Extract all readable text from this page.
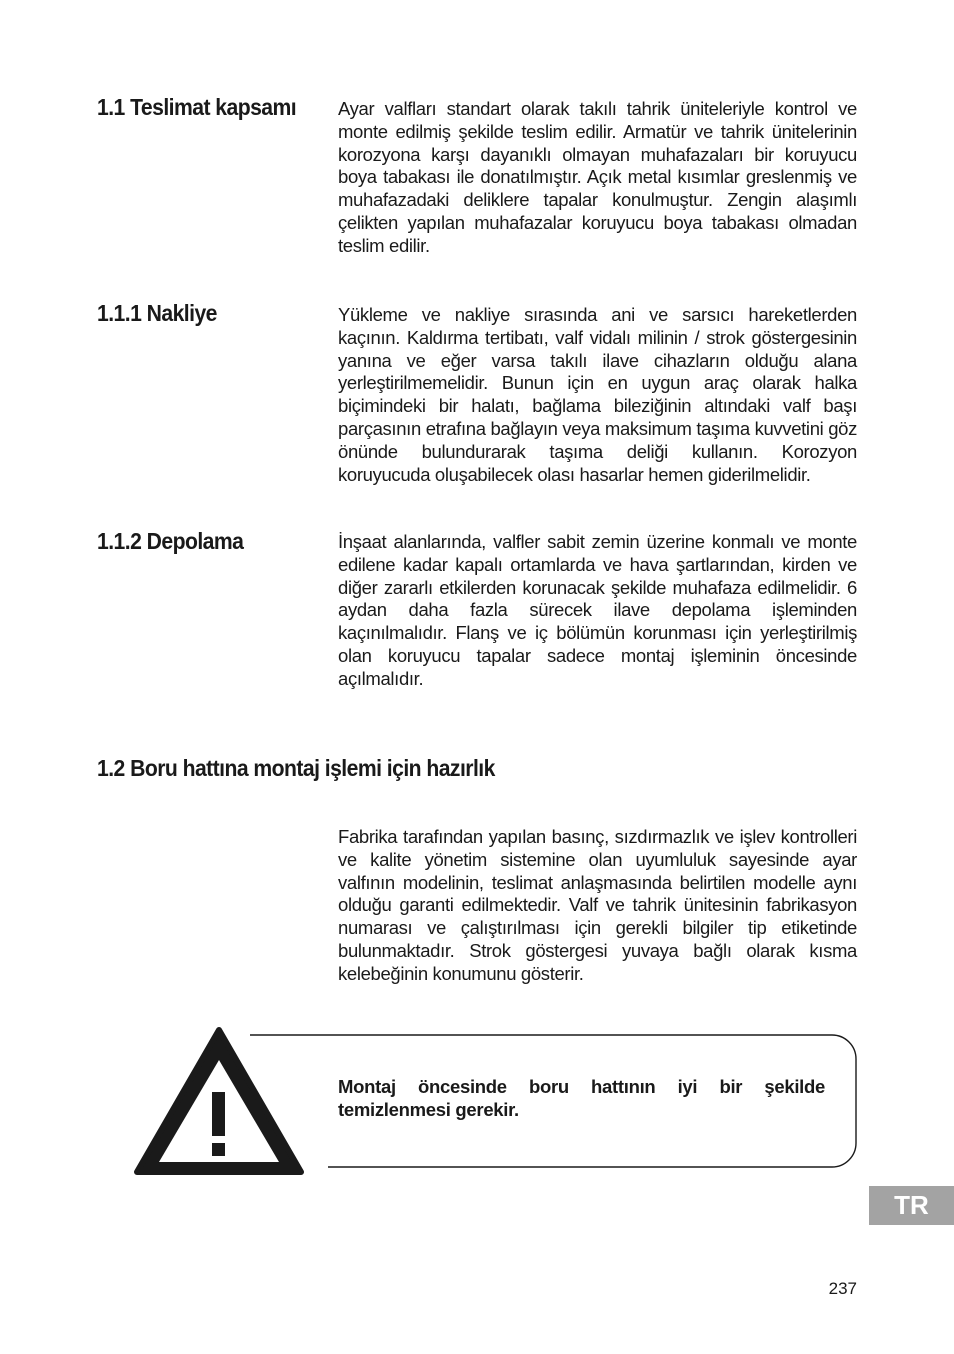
1.1 Teslimat kapsamı Ayar valfları standart olarak takılı tahrik üniteleriyle kontrol ve monte edilmiş şekilde teslim edilir. Armatür ve tahrik ünitelerinin korozyona karşı dayanıklı olmayan muhafazaları bir koruyucu boya tabakası ile donatılmıştır. Açık metal kısımlar greslenmiş ve muhafazadaki deliklere tapalar konulmuştur. Zengin alaşımlı çelikten yapılan muhafazalar koruyucu boya tabakası olmadan teslim edilir.

1.1.1 Nakliye	Yükleme ve nakliye sırasında ani ve sarsıcı hareketlerden kaçının. Kaldırma tertibatı, valf vidalı milinin / strok göstergesinin yanına ve eğer varsa takılı ilave cihazların olduğu alana yerleştirilmemelidir. Bunun için en uygun araç olarak halka biçimindeki bir halatı, bağlama bileziğinin altındaki valf başı parçasının etrafına bağlayın veya maksimum taşıma kuvvetini göz önünde bulundurarak taşıma deliği kullanın. Korozyon koruyucuda oluşabilecek olası hasarlar hemen giderilmelidir.

1.1.2 Depolama	İnşaat alanlarında, valfler sabit zemin üzerine konmalı ve monte edilene kadar kapalı ortamlarda ve hava şartlarından, kirden ve diğer zararlı etkilerden korunacak şekilde muhafaza edilmelidir. 6 aydan daha fazla sürecek ilave depolama işleminden kaçınılmalıdır. Flanş ve iç bölümün korunması için yerleştirilmiş olan koruyucu tapalar sadece montaj işleminin öncesinde açılmalıdır.

1.2 Boru hattına montaj işlemi için hazırlık

Fabrika tarafından yapılan basınç, sızdırmazlık ve işlev kontrolleri ve kalite yönetim sistemine olan uyumluluk sayesinde ayar valfının modelinin, teslimat anlaşmasında belirtilen modelle aynı olduğu garanti edilmektedir. Valf ve tahrik ünitesinin fabrikasyon numarası ve çalıştırılması için gerekli bilgiler tip etiketinde bulunmaktadır. Strok göstergesi yuvaya bağlı olarak kısma kelebeğinin konumunu gösterir.

Montaj öncesinde boru hattının iyi bir şekilde temizlenmesi gerekir.

TR
237
